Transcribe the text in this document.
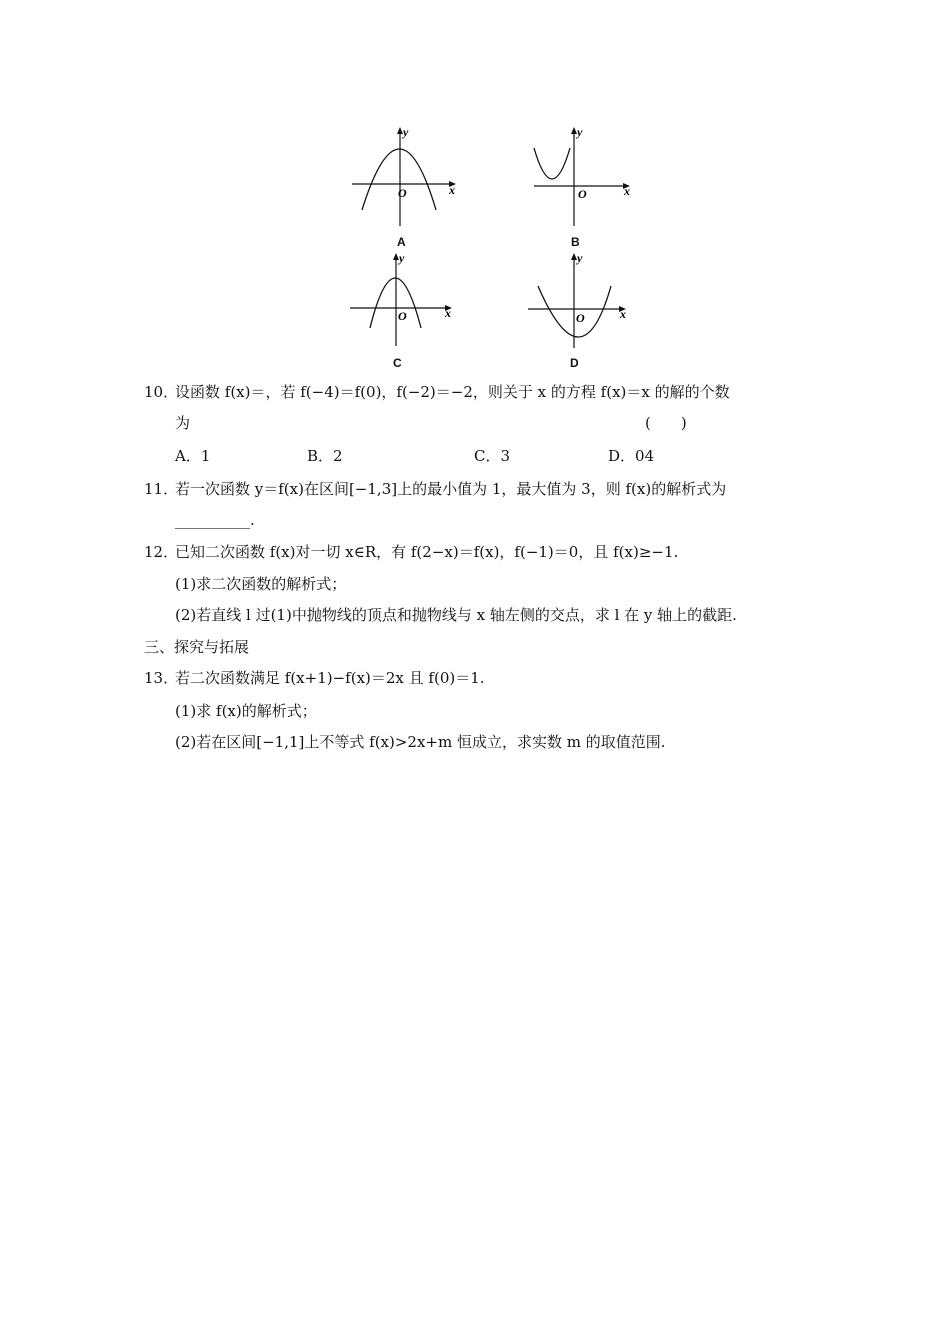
y
x
O
A
y
x
O
B
y
x
O
C
y
x
O
D
10．
设函数 f(x)＝，若 f(−4)＝f(0)，f(−2)＝−2，则关于 x 的方程 f(x)＝x 的解的个数
为	(　　)
A．1	B．2	C．3	D．04
11．
若一次函数 y＝f(x)在区间[−1,3]上的最小值为 1，最大值为 3，则 f(x)的解析式为
__________.
12．
已知二次函数 f(x)对一切 x∈R，有 f(2−x)＝f(x)，f(−1)＝0，且 f(x)≥−1.
(1)求二次函数的解析式；
(2)若直线 l 过(1)中抛物线的顶点和抛物线与 x 轴左侧的交点，求 l 在 y 轴上的截距.
三、探究与拓展
13．
若二次函数满足 f(x+1)−f(x)＝2x 且 f(0)＝1.
(1)求 f(x)的解析式；
(2)若在区间[−1,1]上不等式 f(x)>2x+m 恒成立，求实数 m 的取值范围.
